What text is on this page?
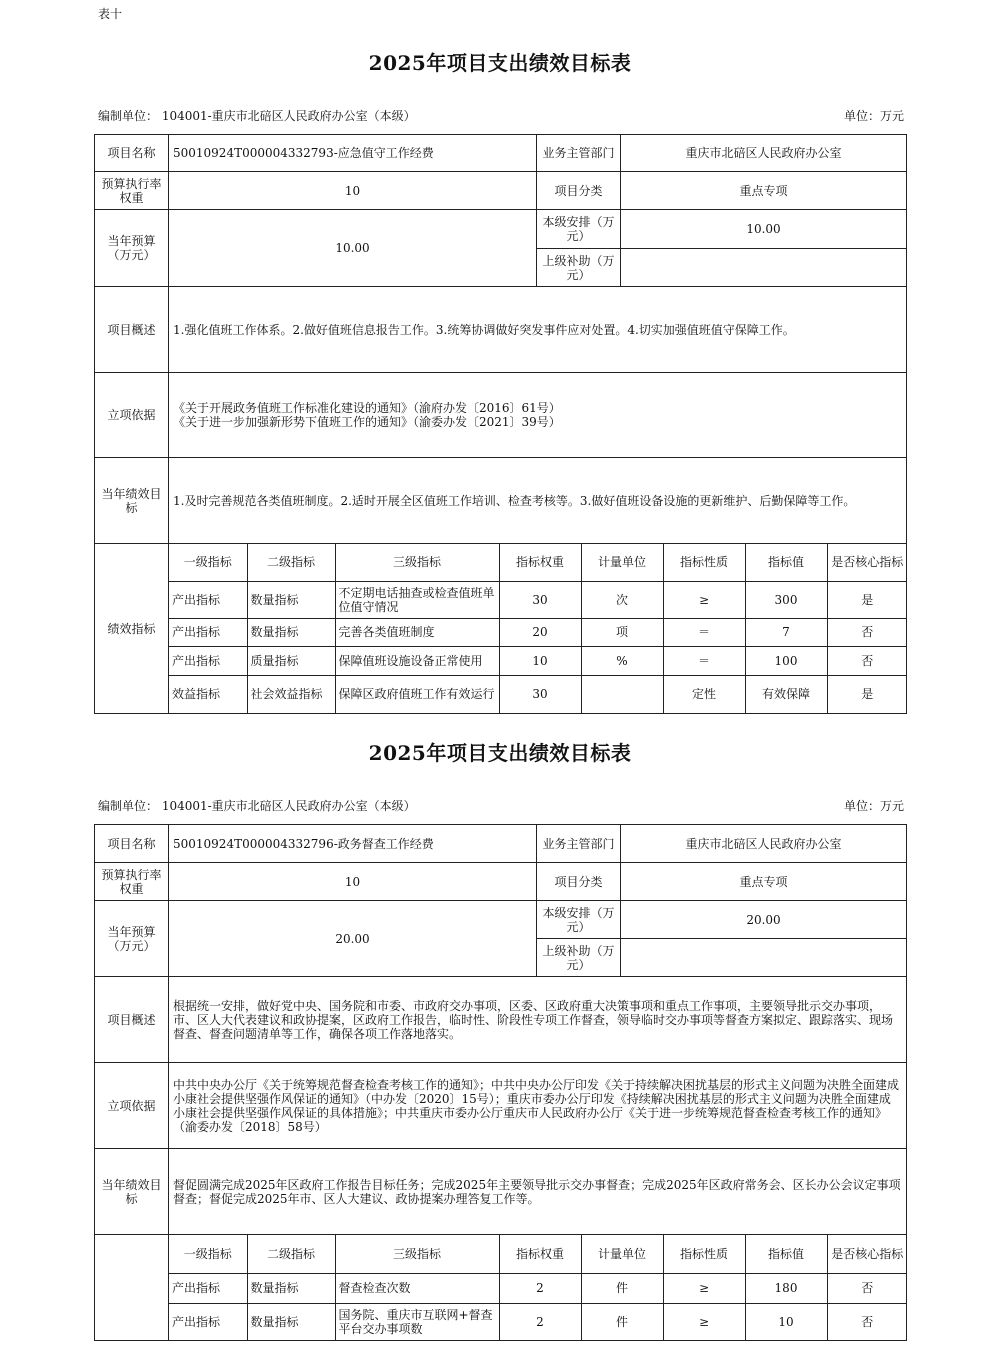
表十
2025年项目支出绩效目标表
编制单位： 104001-重庆市北碚区人民政府办公室（本级）	单位：万元
项目名称	50010924T000004332793-应急值守工作经费	业务主管部门	重庆市北碚区人民政府办公室
预算执行率权重	10	项目分类	重点专项
当年预算（万元）	10.00	本级安排（万元）	10.00
上级补助（万元）	
项目概述	1.强化值班工作体系。2.做好值班信息报告工作。3.统筹协调做好突发事件应对处置。4.切实加强值班值守保障工作。
立项依据	《关于开展政务值班工作标准化建设的通知》（渝府办发〔2016〕61号）
《关于进一步加强新形势下值班工作的通知》（渝委办发〔2021〕39号）

当年绩效目标	1.及时完善规范各类值班制度。2.适时开展全区值班工作培训、检查考核等。3.做好值班设备设施的更新维护、后勤保障等工作。
绩效指标	
一级指标	二级指标	三级指标	指标权重	计量单位	指标性质	指标值	是否核心指标
产出指标	数量指标	不定期电话抽查或检查值班单位值守情况	30	次	≥	300	是
产出指标	数量指标	完善各类值班制度	20	项	＝	7	否
产出指标	质量指标	保障值班设施设备正常使用	10	%	＝	100	否
效益指标	社会效益指标	保障区政府值班工作有效运行	30		定性	有效保障	是
2025年项目支出绩效目标表
编制单位： 104001-重庆市北碚区人民政府办公室（本级）	单位：万元
项目名称	50010924T000004332796-政务督查工作经费	业务主管部门	重庆市北碚区人民政府办公室
预算执行率权重	10	项目分类	重点专项
当年预算（万元）	20.00	本级安排（万元）	20.00
上级补助（万元）	
项目概述	根据统一安排，做好党中央、国务院和市委、市政府交办事项，区委、区政府重大决策事项和重点工作事项，主要领导批示交办事项，市、区人大代表建议和政协提案，区政府工作报告，临时性、阶段性专项工作督查，领导临时交办事项等督查方案拟定、跟踪落实、现场督查、督查问题清单等工作，确保各项工作落地落实。
立项依据	
中共中央办公厅《关于统筹规范督查检查考核工作的通知》；中共中央办公厅印发《关于持续解决困扰基层的形式主义问题为决胜全面建成小康社会提供坚强作风保证的通知》（中办发〔2020〕15号）；重庆市委办公厅印发《持续解决困扰基层的形式主义问题为决胜全面建成小康社会提供坚强作风保证的具体措施》；中共重庆市委办公厅重庆市人民政府办公厅《关于进一步统筹规范督查检查考核工作的通知》（渝委办发〔2018〕58号）

当年绩效目标	督促圆满完成2025年区政府工作报告目标任务；完成2025年主要领导批示交办事督查；完成2025年区政府常务会、区长办公会议定事项督查；督促完成2025年市、区人大建议、政协提案办理答复工作等。

一级指标	二级指标	三级指标	指标权重	计量单位	指标性质	指标值	是否核心指标
产出指标	数量指标	督查检查次数	2	件	≥	180	否
产出指标	数量指标	国务院、重庆市互联网+督查平台交办事项数	2	件	≥	10	否
